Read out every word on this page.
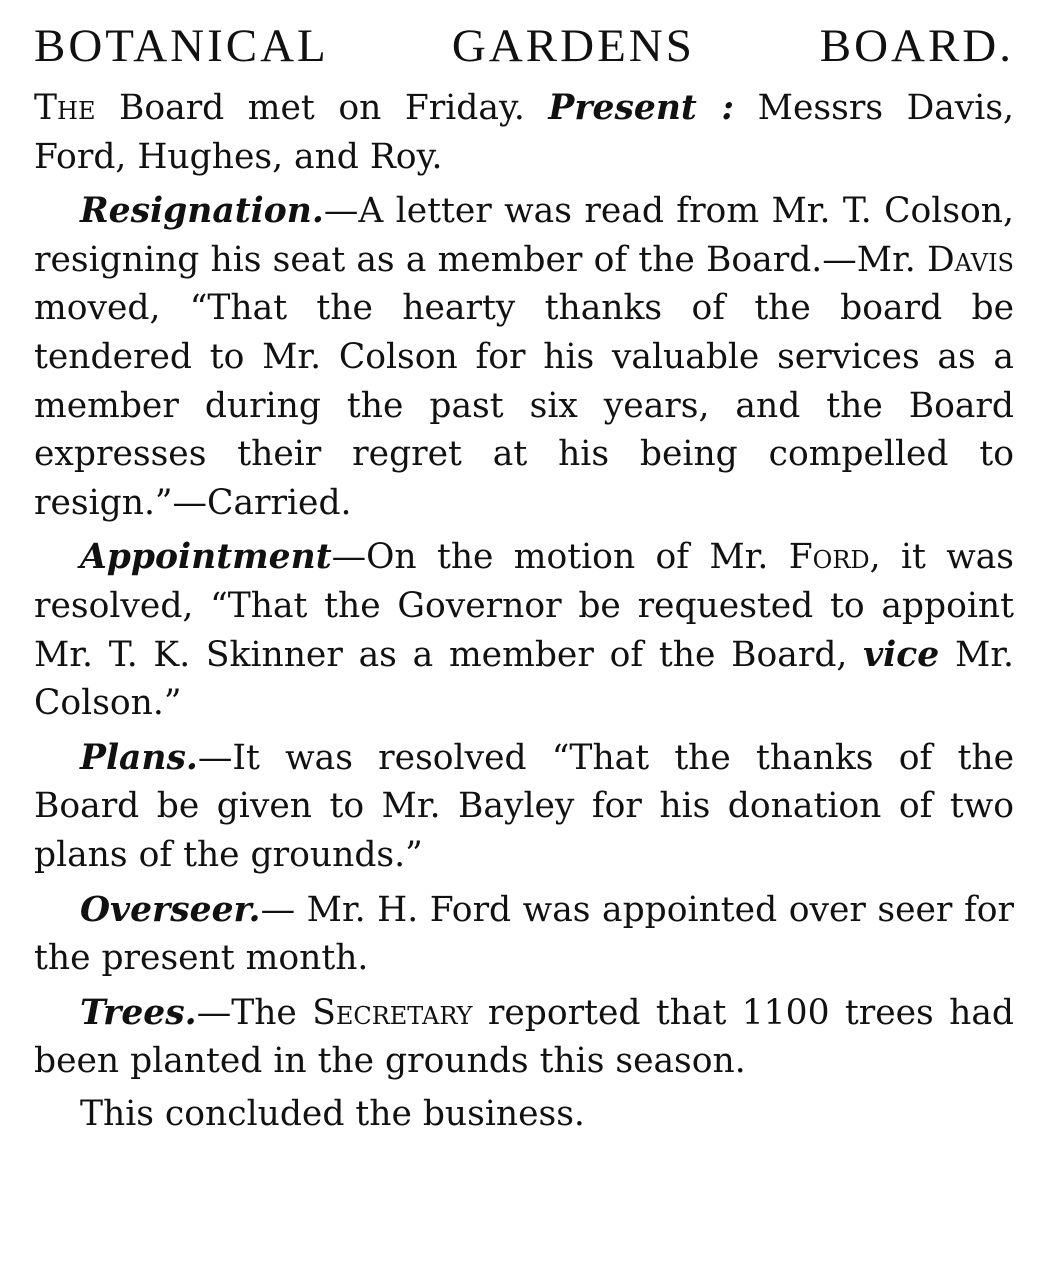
BOTANICAL GARDENS BOARD.

The Board met on Friday. Present : Messrs Davis, Ford, Hughes, and Roy.

Resignation.—A letter was read from Mr. T. Colson, resigning his seat as a member of the Board.—Mr. Davis moved, “That the hearty thanks of the board be tendered to Mr. Colson for his valuable services as a member during the past six years, and the Board expresses their regret at his being compelled to resign.”—Carried.

Appointment—On the motion of Mr. Ford, it was resolved, “That the Governor be requested to appoint Mr. T. K. Skinner as a member of the Board, vice Mr. Colson.”

Plans.—It was resolved “That the thanks of the Board be given to Mr. Bayley for his donation of two plans of the grounds.”

Overseer.— Mr. H. Ford was appointed over seer for the present month.

Trees.—The Secretary reported that 1100 trees had been planted in the grounds this season.

This concluded the business.
